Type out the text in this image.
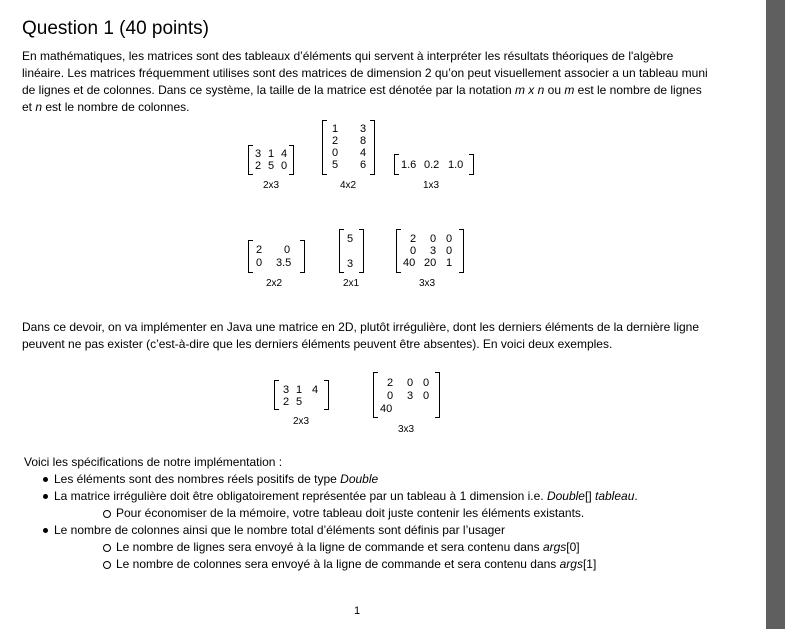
Question 1 (40 points)

En mathématiques, les matrices sont des tableaux d’éléments qui servent à interpréter les résultats théoriques de l'algèbre linéaire. Les matrices fréquemment utilises sont des matrices de dimension 2 qu’on peut visuellement associer a un tableau muni de lignes et de colonnes. Dans ce système, la taille de la matrice est dénotée par la notation m x n ou m est le nombre de lignes et n est le nombre de colonnes.

3 1 4
2 5 0
2x3
1 3
2 8
0 4
5 6
4x2
1.6 0.2 1.0
1x3
2 0
0 3.5
2x2
5
3
2x1
2 0 0
0 3 0
40 20 1
3x3

Dans ce devoir, on va implémenter en Java une matrice en 2D, plutôt irrégulière, dont les derniers éléments de la dernière ligne peuvent ne pas exister (c’est-à-dire que les derniers éléments peuvent être absentes). En voici deux exemples.

3 1 4
2 5
2x3
2 0 0
0 3 0
40
3x3
Voici les spécifications de notre implémentation :
Les éléments sont des nombres réels positifs de type Double
La matrice irrégulière doit être obligatoirement représentée par un tableau à 1 dimension i.e. Double[] tableau.
Pour économiser de la mémoire, votre tableau doit juste contenir les éléments existants.
Le nombre de colonnes ainsi que le nombre total d’éléments sont définis par l’usager
Le nombre de lignes sera envoyé à la ligne de commande et sera contenu dans args[0]
Le nombre de colonnes sera envoyé à la ligne de commande et sera contenu dans args[1]
1
